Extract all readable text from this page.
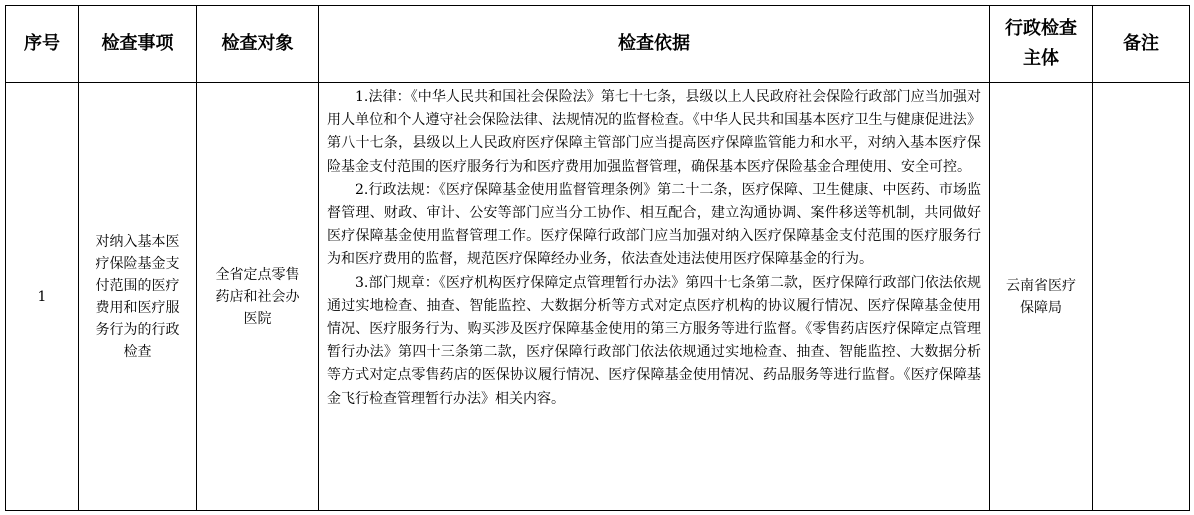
序号	检查事项	检查对象	检查依据	行政检查主体	备注
1	对纳入基本医疗保险基金支付范围的医疗费用和医疗服务行为的行政检查	全省定点零售药店和社会办医院	1.法律：《中华人民共和国社会保险法》第七十七条，县级以上人民政府社会保险行政部门应当加强对用人单位和个人遵守社会保险法律、法规情况的监督检查。《中华人民共和国基本医疗卫生与健康促进法》第八十七条，县级以上人民政府医疗保障主管部门应当提高医疗保障监管能力和水平，对纳入基本医疗保险基金支付范围的医疗服务行为和医疗费用加强监督管理，确保基本医疗保险基金合理使用、安全可控。

2.行政法规：《医疗保障基金使用监督管理条例》第二十二条，医疗保障、卫生健康、中医药、市场监督管理、财政、审计、公安等部门应当分工协作、相互配合，建立沟通协调、案件移送等机制，共同做好医疗保障基金使用监督管理工作。医疗保障行政部门应当加强对纳入医疗保障基金支付范围的医疗服务行为和医疗费用的监督，规范医疗保障经办业务，依法查处违法使用医疗保障基金的行为。

3.部门规章：《医疗机构医疗保障定点管理暂行办法》第四十七条第二款，医疗保障行政部门依法依规通过实地检查、抽查、智能监控、大数据分析等方式对定点医疗机构的协议履行情况、医疗保障基金使用情况、医疗服务行为、购买涉及医疗保障基金使用的第三方服务等进行监督。《零售药店医疗保障定点管理暂行办法》第四十三条第二款，医疗保障行政部门依法依规通过实地检查、抽查、智能监控、大数据分析等方式对定点零售药店的医保协议履行情况、医疗保障基金使用情况、药品服务等进行监督。《医疗保障基金飞行检查管理暂行办法》相关内容。	云南省医疗保障局	
